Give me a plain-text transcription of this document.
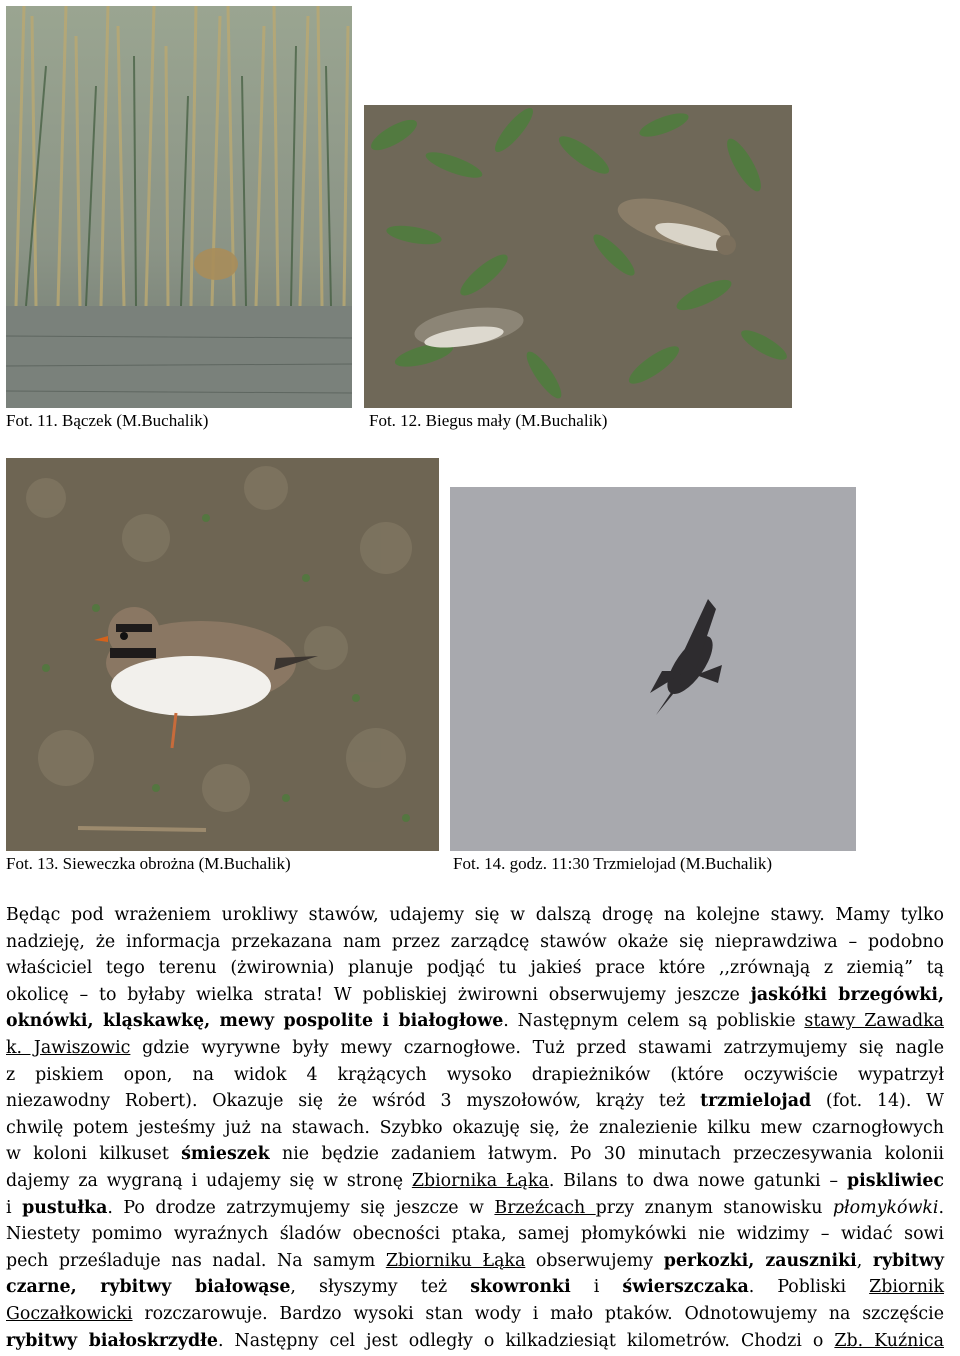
Fot. 11. Bączek (M.Buchalik)	Fot. 12. Biegus mały (M.Buchalik)
Fot. 13. Sieweczka obrożna (M.Buchalik)	Fot. 14. godz. 11:30 Trzmielojad (M.Buchalik)
Będąc pod wrażeniem urokliwy stawów, udajemy się w dalszą drogę na kolejne stawy. Mamy tylko
nadzieję, że informacja przekazana nam przez zarządcę stawów okaże się nieprawdziwa – podobno
właściciel tego terenu (żwirownia) planuje podjąć tu jakieś prace które ,,zrównają z ziemią” tą
okolicę – to byłaby wielka strata! W pobliskiej żwirowni obserwujemy jeszcze jaskółki brzegówki,
oknówki, kląskawkę, mewy pospolite i białogłowe. Następnym celem są pobliskie stawy Zawadka
k. Jawiszowic gdzie wyrywne były mewy czarnogłowe. Tuż przed stawami zatrzymujemy się nagle
z piskiem opon, na widok 4 krążących wysoko drapieżników (które oczywiście wypatrzył
niezawodny Robert). Okazuje się że wśród 3 myszołowów, krąży też trzmielojad (fot. 14). W
chwilę potem jesteśmy już na stawach. Szybko okazuję się, że znalezienie kilku mew czarnogłowych
w koloni kilkuset śmieszek nie będzie zadaniem łatwym. Po 30 minutach przeczesywania kolonii
dajemy za wygraną i udajemy się w stronę Zbiornika Łąka. Bilans to dwa nowe gatunki – piskliwiec
i pustułka. Po drodze zatrzymujemy się jeszcze w Brzeźcach przy znanym stanowisku płomykówki.
Niestety pomimo wyraźnych śladów obecności ptaka, samej płomykówki nie widzimy – widać sowi
pech prześladuje nas nadal. Na samym Zbiorniku Łąka obserwujemy perkozki, zauszniki, rybitwy
czarne, rybitwy białowąse, słyszymy też skowronki i świerszczaka. Pobliski Zbiornik
Goczałkowicki rozczarowuje. Bardzo wysoki stan wody i mało ptaków. Odnotowujemy na szczęście
rybitwy białoskrzydłe. Następny cel jest odległy o kilkadziesiąt kilometrów. Chodzi o Zb. Kuźnica
